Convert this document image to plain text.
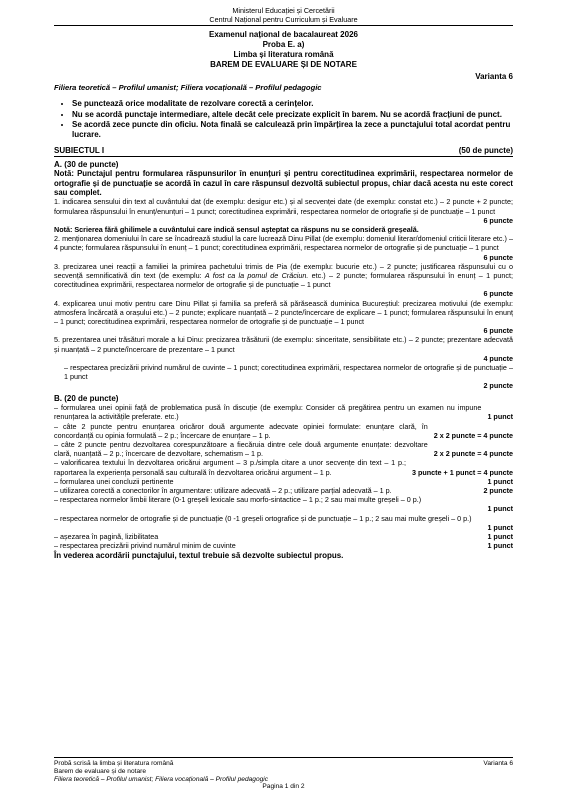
Ministerul Educației și Cercetării
Centrul Național pentru Curriculum și Evaluare
Examenul național de bacalaureat 2026
Proba E. a)
Limba și literatura română
BAREM DE EVALUARE ȘI DE NOTARE
Varianta 6
Filiera teoretică – Profilul umanist; Filiera vocațională – Profilul pedagogic
• Se punctează orice modalitate de rezolvare corectă a cerințelor.
• Nu se acordă punctaje intermediare, altele decât cele precizate explicit în barem. Nu se acordă fracțiuni de punct.
• Se acordă zece puncte din oficiu. Nota finală se calculează prin împărțirea la zece a punctajului total acordat pentru lucrare.
SUBIECTUL I	(50 de puncte)
A. (30 de puncte)
Notă: Punctajul pentru formularea răspunsurilor în enunțuri și pentru corectitudinea exprimării, respectarea normelor de ortografie și de punctuație se acordă în cazul în care răspunsul dezvoltă subiectul propus, chiar dacă acesta nu este corect sau complet.
1. indicarea sensului din text al cuvântului dat (de exemplu: desigur etc.) și al secvenței date (de exemplu: constat etc.) – 2 puncte + 2 puncte; formularea răspunsului în enunț/enunțuri – 1 punct; corectitudinea exprimării, respectarea normelor de ortografie și de punctuație – 1 punct
6 puncte
Notă: Scrierea fără ghilimele a cuvântului care indică sensul așteptat ca răspuns nu se consideră greșeală.
2. menționarea domeniului în care se încadrează studiul la care lucrează Dinu Pillat (de exemplu: domeniul literar/domeniul criticii literare etc.) – 4 puncte; formularea răspunsului în enunț – 1 punct; corectitudinea exprimării, respectarea normelor de ortografie și de punctuație – 1 punct
6 puncte
3. precizarea unei reacții a familiei la primirea pachetului trimis de Pia (de exemplu: bucurie etc.) – 2 puncte; justificarea răspunsului cu o secvență semnificativă din text (de exemplu: A fost ca la pomul de Crăciun. etc.) – 2 puncte; formularea răspunsului în enunț – 1 punct; corectitudinea exprimării, respectarea normelor de ortografie și de punctuație – 1 punct
6 puncte
4. explicarea unui motiv pentru care Dinu Pillat și familia sa preferă să părăsească duminica Bucureștiul: precizarea motivului (de exemplu: atmosfera încărcată a orașului etc.) – 2 puncte; explicare nuanțată – 2 puncte/încercare de explicare – 1 punct; formularea răspunsului în enunț – 1 punct; corectitudinea exprimării, respectarea normelor de ortografie și de punctuație – 1 punct
6 puncte
5. prezentarea unei trăsături morale a lui Dinu: precizarea trăsăturii (de exemplu: sinceritate, sensibilitate etc.) – 2 puncte; prezentare adecvată și nuanțată – 2 puncte/încercare de prezentare – 1 punct
4 puncte
– respectarea precizării privind numărul de cuvinte – 1 punct; corectitudinea exprimării, respectarea normelor de ortografie și de punctuație – 1 punct
2 puncte
B. (20 de puncte)
– formularea unei opinii față de problematica pusă în discuție (de exemplu: Consider că pregătirea pentru un examen nu impune renunțarea la activitățile preferate. etc.)	1 punct
– câte 2 puncte pentru enunțarea oricăror două argumente adecvate opiniei formulate: enunțare clară, în concordanță cu opinia formulată – 2 p.; încercare de enunțare – 1 p.	2 x 2 puncte = 4 puncte
– câte 2 puncte pentru dezvoltarea corespunzătoare a fiecăruia dintre cele două argumente enunțate: dezvoltare clară, nuanțată – 2 p.; încercare de dezvoltare, schematism – 1 p.	2 x 2 puncte = 4 puncte
– valorificarea textului în dezvoltarea oricărui argument – 3 p./simpla citare a unor secvențe din text – 1 p.; raportarea la experiența personală sau culturală în dezvoltarea oricărui argument – 1 p.	3 puncte + 1 punct = 4 puncte
– formularea unei concluzii pertinente	1 punct
– utilizarea corectă a conectorilor în argumentare: utilizare adecvată – 2 p.; utilizare parțial adecvată – 1 p.	2 puncte
– respectarea normelor limbii literare (0-1 greșeli lexicale sau morfo-sintactice – 1 p.; 2 sau mai multe greșeli – 0 p.)
1 punct
– respectarea normelor de ortografie și de punctuație (0 -1 greșeli ortografice și de punctuație – 1 p.; 2 sau mai multe greșeli – 0 p.)
1 punct
– așezarea în pagină, lizibilitatea	1 punct
– respectarea precizării privind numărul minim de cuvinte	1 punct
În vederea acordării punctajului, textul trebuie să dezvolte subiectul propus.
Probă scrisă la limba și literatura română	Varianta 6
Barem de evaluare și de notare
Filiera teoretică – Profilul umanist; Filiera vocațională – Profilul pedagogic
Pagina 1 din 2
